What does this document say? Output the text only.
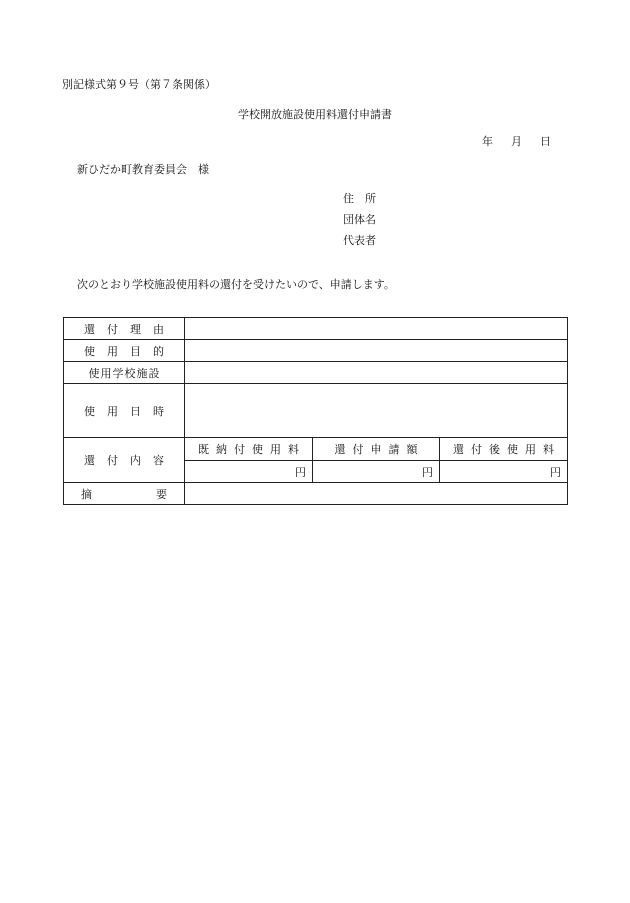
別記様式第９号（第７条関係）
学校開放施設使用料還付申請書
年 月 日
新ひだか町教育委員会　様
住　所
団体名
代表者
次のとおり学校施設使用料の還付を受けたいので、申請します。
還付理由			
使用目的			
使用学校施設			
使用日時			
還付内容	既納付使用料	還付申請額	還付後使用料
	円	円	円
摘要			
